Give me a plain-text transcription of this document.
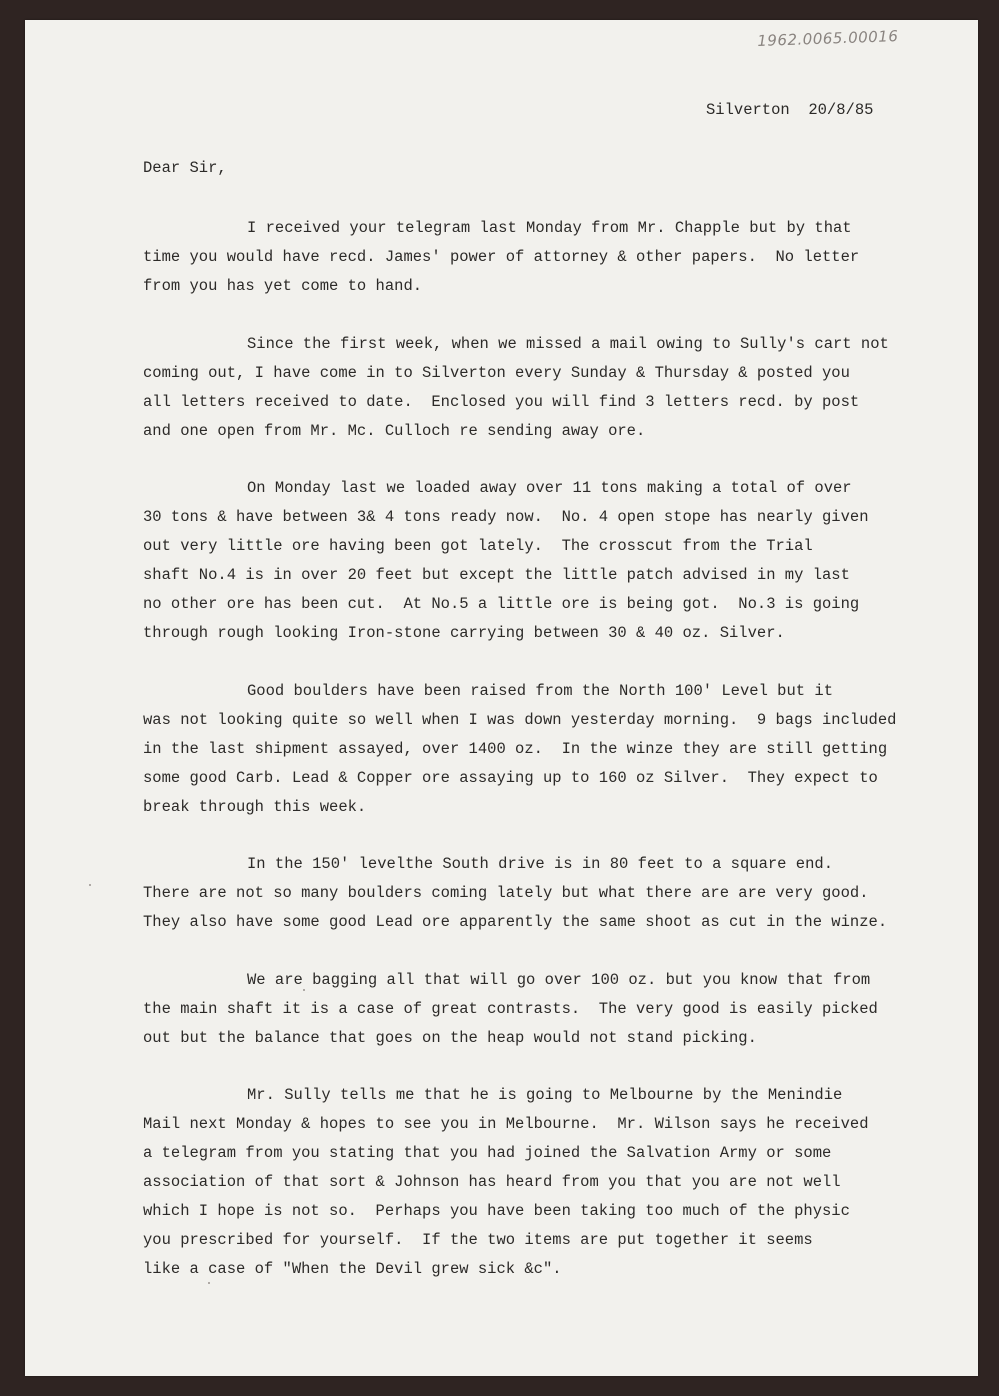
1962.0065.00016
Silverton  20/8/85
Dear Sir,
I received your telegram last Monday from Mr. Chapple but by that
time you would have recd. James' power of attorney & other papers.  No letter
from you has yet come to hand.
Since the first week, when we missed a mail owing to Sully's cart not
coming out, I have come in to Silverton every Sunday & Thursday & posted you
all letters received to date.  Enclosed you will find 3 letters recd. by post
and one open from Mr. Mc. Culloch re sending away ore.
On Monday last we loaded away over 11 tons making a total of over
30 tons & have between 3& 4 tons ready now.  No. 4 open stope has nearly given
out very little ore having been got lately.  The crosscut from the Trial
shaft No.4 is in over 20 feet but except the little patch advised in my last
no other ore has been cut.  At No.5 a little ore is being got.  No.3 is going
through rough looking Iron-stone carrying between 30 & 40 oz. Silver.
Good boulders have been raised from the North 100' Level but it
was not looking quite so well when I was down yesterday morning.  9 bags included
in the last shipment assayed, over 1400 oz.  In the winze they are still getting
some good Carb. Lead & Copper ore assaying up to 160 oz Silver.  They expect to
break through this week.
In the 150' levelthe South drive is in 80 feet to a square end.
There are not so many boulders coming lately but what there are are very good.
They also have some good Lead ore apparently the same shoot as cut in the winze.
We are bagging all that will go over 100 oz. but you know that from
the main shaft it is a case of great contrasts.  The very good is easily picked
out but the balance that goes on the heap would not stand picking.
Mr. Sully tells me that he is going to Melbourne by the Menindie
Mail next Monday & hopes to see you in Melbourne.  Mr. Wilson says he received
a telegram from you stating that you had joined the Salvation Army or some
association of that sort & Johnson has heard from you that you are not well
which I hope is not so.  Perhaps you have been taking too much of the physic
you prescribed for yourself.  If the two items are put together it seems
like a case of "When the Devil grew sick &c".
